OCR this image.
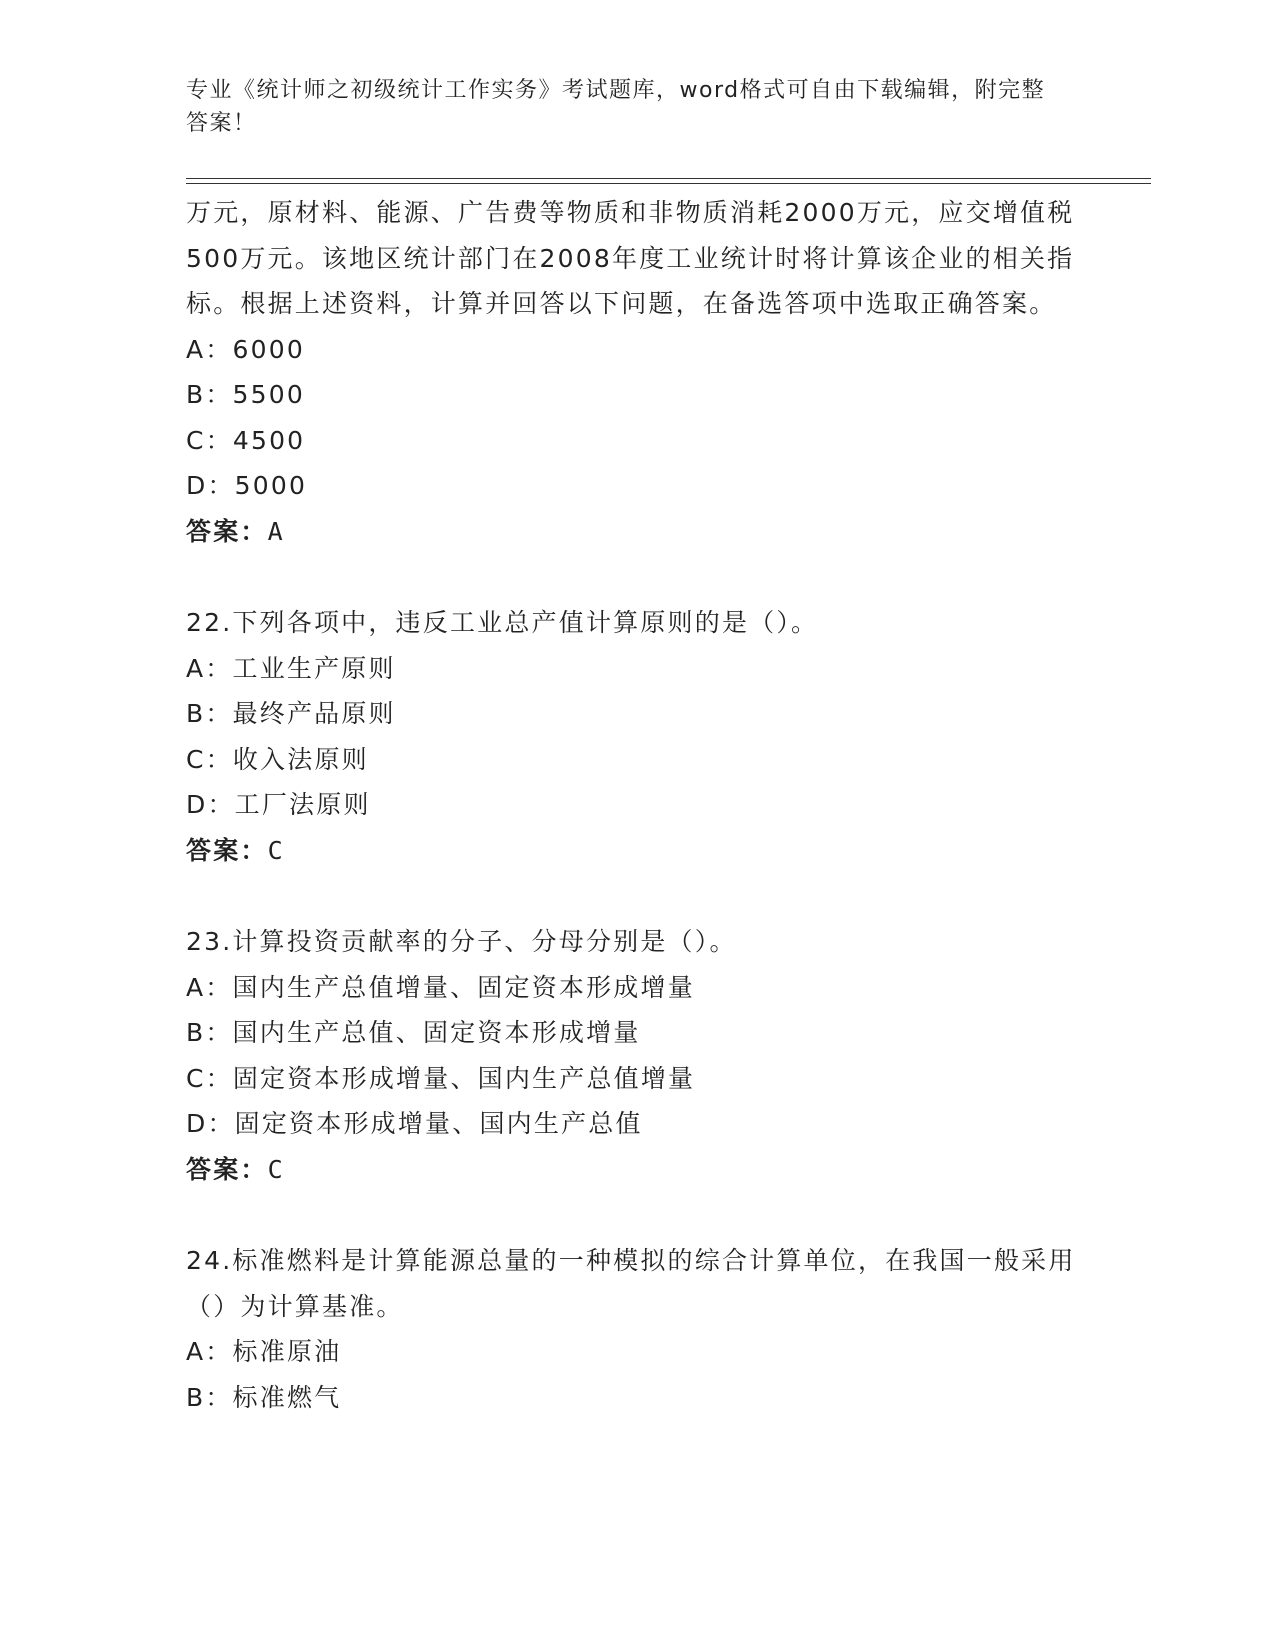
专业《统计师之初级统计工作实务》考试题库，word格式可自由下载编辑，附完整答案！

万元，原材料、能源、广告费等物质和非物质消耗2000万元，应交增值税500万元。该地区统计部门在2008年度工业统计时将计算该企业的相关指标。根据上述资料，计算并回答以下问题，在备选答项中选取正确答案。

A：6000

B：5500

C：4500

D：5000

答案：A

22.下列各项中，违反工业总产值计算原则的是（）。

A：工业生产原则

B：最终产品原则

C：收入法原则

D：工厂法原则

答案：C

23.计算投资贡献率的分子、分母分别是（）。

A：国内生产总值增量、固定资本形成增量

B：国内生产总值、固定资本形成增量

C：固定资本形成增量、国内生产总值增量

D：固定资本形成增量、国内生产总值

答案：C

24.标准燃料是计算能源总量的一种模拟的综合计算单位，在我国一般采用（）为计算基准。

A：标准原油

B：标准燃气
